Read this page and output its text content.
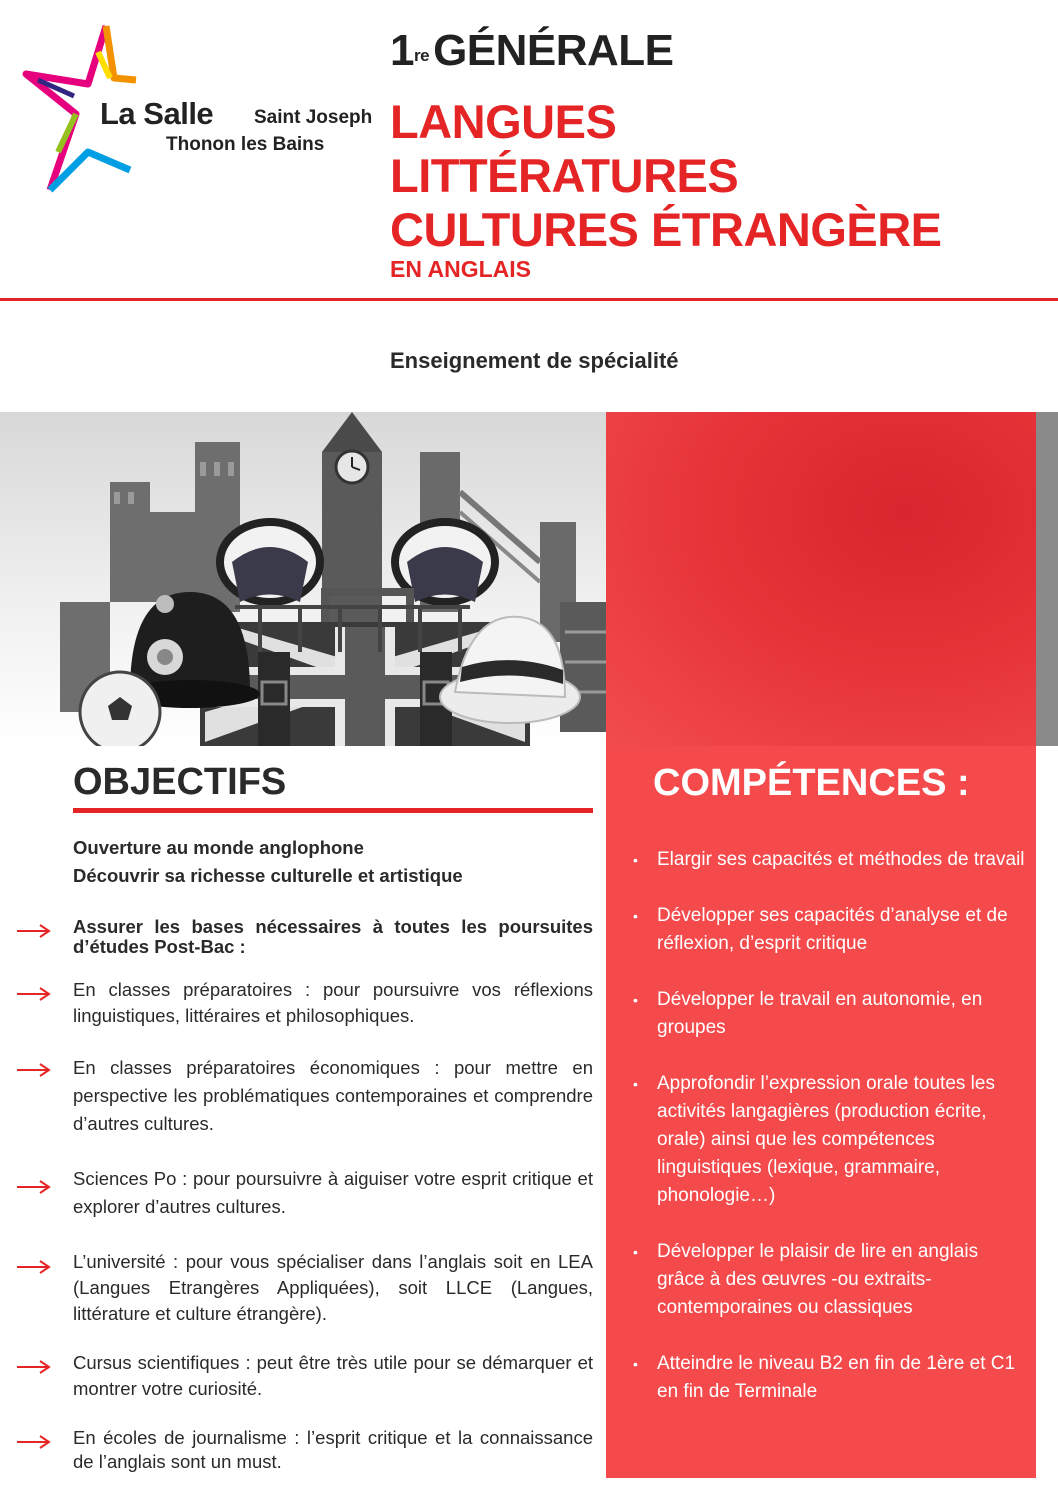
La Salle Saint Joseph
Thonon les Bains
1reGÉNÉRALE
LANGUES
LITTÉRATURES
CULTURES ÉTRANGÈRE
EN ANGLAIS
Enseignement de spécialité
COMPÉTENCES :
• Elargir ses capacités et méthodes de travail
• Développer ses capacités d’analyse et de réflexion, d’esprit critique
• Développer le travail en autonomie, en groupes
• Approfondir l’expression orale toutes les activités langagières (production écrite, orale) ainsi que les compétences linguistiques (lexique, grammaire, phonologie…)
• Développer le plaisir de lire en anglais grâce à des œuvres -ou extraits- contemporaines ou classiques
• Atteindre le niveau B2 en fin de 1ère et C1 en fin de Terminale
OBJECTIFS
Ouverture au monde anglophone
Découvrir sa richesse culturelle et artistique
Assurer les bases nécessaires à toutes les poursuites d’études Post-Bac :
En classes préparatoires : pour poursuivre vos réflexions linguistiques, littéraires et philosophiques.
En classes préparatoires économiques : pour mettre en perspective les problématiques contemporaines et comprendre d’autres cultures.
Sciences Po : pour poursuivre à aiguiser votre esprit critique et explorer d’autres cultures.
L’université : pour vous spécialiser dans l’anglais soit en LEA (Langues Etrangères Appliquées), soit LLCE (Langues, littérature et culture étrangère).
Cursus scientifiques : peut être très utile pour se démarquer et montrer votre curiosité.
En écoles de journalisme : l’esprit critique et la connaissance de l’anglais sont un must.
